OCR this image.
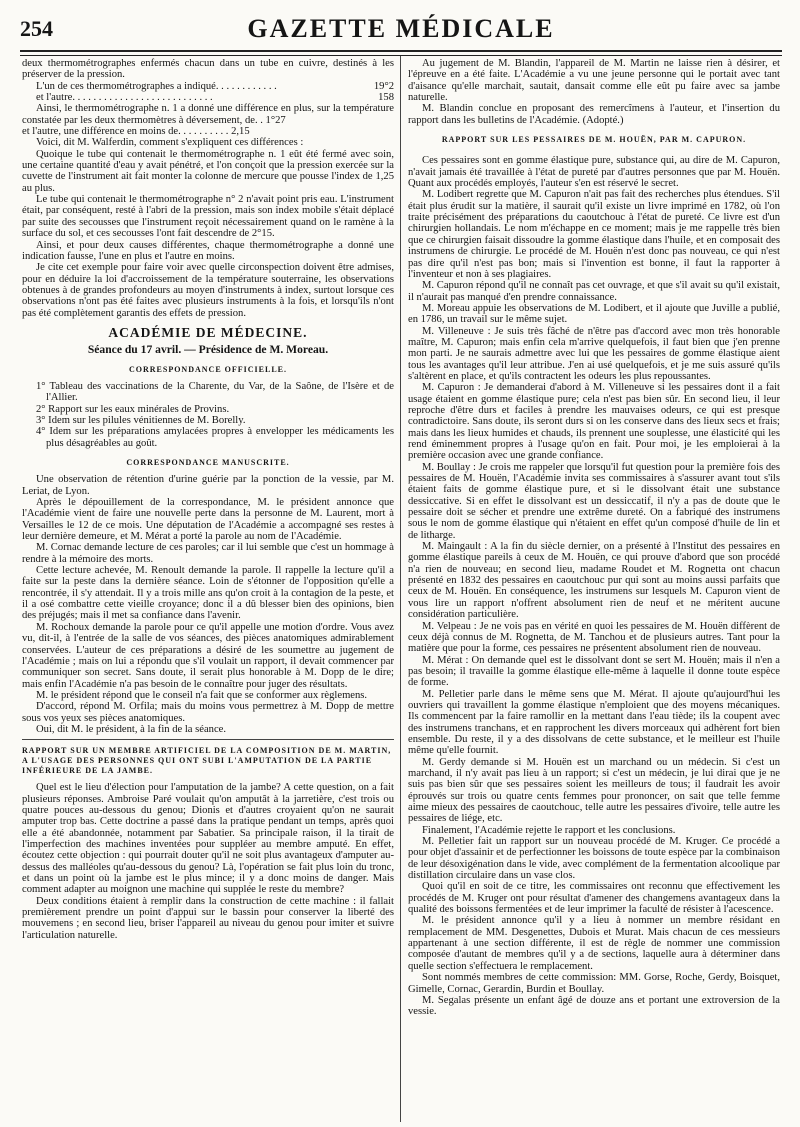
254	GAZETTE MÉDICALE

deux thermométrographes enfermés chacun dans un tube en cuivre, destinés à les préserver de la pression.

L'un de ces thermométrographes a indiqué. . . . . . . . . . . .	19°2
et l'autre. . . . . . . . . . . . . . . . . . . . . . . . . . .	158

Ainsi, le thermométrographe n. 1 a donné une différence en plus, sur la température constatée par les deux thermomètres à déversement, de. . 1°27

et l'autre, une différence en moins de. . . . . . . . . . 2,15

Voici, dit M. Walferdin, comment s'expliquent ces différences :

Quoique le tube qui contenait le thermométrographe n. 1 eût été fermé avec soin, une certaine quantité d'eau y avait pénétré, et l'on conçoit que la pression exercée sur la cuvette de l'instrument ait fait monter la colonne de mercure que pousse l'index de 1,25 au plus.

Le tube qui contenait le thermométrographe n° 2 n'avait point pris eau. L'instrument était, par conséquent, resté à l'abri de la pression, mais son index mobile s'était déplacé par suite des secousses que l'instrument reçoit nécessairement quand on le ramène à la surface du sol, et ces secousses l'ont fait descendre de 2°15.

Ainsi, et pour deux causes différentes, chaque thermométrographe a donné une indication fausse, l'une en plus et l'autre en moins.

Je cite cet exemple pour faire voir avec quelle circonspection doivent être admises, pour en déduire la loi d'accroissement de la température souterraine, les observations obtenues à de grandes profondeurs au moyen d'instruments à index, surtout lorsque ces observations n'ont pas été faites avec plusieurs instruments à la fois, et lorsqu'ils n'ont pas été complètement garantis des effets de pression.

ACADÉMIE DE MÉDECINE.
Séance du 17 avril. — Présidence de M. Moreau.
CORRESPONDANCE OFFICIELLE.

1° Tableau des vaccinations de la Charente, du Var, de la Saône, de l'Isère et de l'Allier.

2° Rapport sur les eaux minérales de Provins.

3° Idem sur les pilules vénitiennes de M. Borelly.

4° Idem sur les préparations amylacées propres à envelopper les médicaments les plus désagréables au goût.

CORRESPONDANCE MANUSCRITE.

Une observation de rétention d'urine guérie par la ponction de la vessie, par M. Leriat, de Lyon.

Après le dépouillement de la correspondance, M. le président annonce que l'Académie vient de faire une nouvelle perte dans la personne de M. Laurent, mort à Versailles le 12 de ce mois. Une députation de l'Académie a accompagné ses restes à leur dernière demeure, et M. Mérat a porté la parole au nom de l'Académie.

M. Cornac demande lecture de ces paroles; car il lui semble que c'est un hommage à rendre à la mémoire des morts.

Cette lecture achevée, M. Renoult demande la parole. Il rappelle la lecture qu'il a faite sur la peste dans la dernière séance. Loin de s'étonner de l'opposition qu'elle a rencontrée, il s'y attendait. Il y a trois mille ans qu'on croit à la contagion de la peste, et il a osé combattre cette vieille croyance; donc il a dû blesser bien des opinions, bien des préjugés; mais il met sa confiance dans l'avenir.

M. Rochoux demande la parole pour ce qu'il appelle une motion d'ordre. Vous avez vu, dit-il, à l'entrée de la salle de vos séances, des pièces anatomiques admirablement conservées. L'auteur de ces préparations a désiré de les soumettre au jugement de l'Académie ; mais on lui a répondu que s'il voulait un rapport, il devait commencer par communiquer son secret. Sans doute, il serait plus honorable à M. Dopp de le dire; mais enfin l'Académie n'a pas besoin de le connaître pour juger des résultats.

M. le président répond que le conseil n'a fait que se conformer aux règlemens.

D'accord, répond M. Orfila; mais du moins vous permettrez à M. Dopp de mettre sous vos yeux ses pièces anatomiques.

Oui, dit M. le président, à la fin de la séance.

RAPPORT SUR UN MEMBRE ARTIFICIEL DE LA COMPOSITION DE M. MARTIN, A L'USAGE DES PERSONNES QUI ONT SUBI L'AMPUTATION DE LA PARTIE INFÉRIEURE DE LA JAMBE.

Quel est le lieu d'élection pour l'amputation de la jambe? A cette question, on a fait plusieurs réponses. Ambroise Paré voulait qu'on amputât à la jarretière, c'est trois ou quatre pouces au-dessous du genou; Dionis et d'autres croyaient qu'on ne saurait amputer trop bas. Cette doctrine a passé dans la pratique pendant un temps, après quoi elle a été abandonnée, notamment par Sabatier. Sa principale raison, il la tirait de l'imperfection des machines inventées pour suppléer au membre amputé. En effet, écoutez cette objection : qui pourrait douter qu'il ne soit plus avantageux d'amputer au-dessus des malléoles qu'au-dessous du genou? Là, l'opération se fait plus loin du tronc, et dans un point où la jambe est le plus mince; il y a donc moins de danger. Mais comment adapter au moignon une machine qui supplée le reste du membre?

Deux conditions étaient à remplir dans la construction de cette machine : il fallait premièrement prendre un point d'appui sur le bassin pour conserver la liberté des mouvemens ; en second lieu, briser l'appareil au niveau du genou pour imiter et suivre l'articulation naturelle.

Au jugement de M. Blandin, l'appareil de M. Martin ne laisse rien à désirer, et l'épreuve en a été faite. L'Académie a vu une jeune personne qui le portait avec tant d'aisance qu'elle marchait, sautait, dansait comme elle eût pu faire avec sa jambe naturelle.

M. Blandin conclue en proposant des remercîmens à l'auteur, et l'insertion du rapport dans les bulletins de l'Académie. (Adopté.)

RAPPORT SUR LES PESSAIRES DE M. HOUËN, PAR M. CAPURON.

Ces pessaires sont en gomme élastique pure, substance qui, au dire de M. Capuron, n'avait jamais été travaillée à l'état de pureté par d'autres personnes que par M. Houën. Quant aux procédés employés, l'auteur s'en est réservé le secret.

M. Lodibert regrette que M. Capuron n'ait pas fait des recherches plus étendues. S'il était plus érudit sur la matière, il saurait qu'il existe un livre imprimé en 1782, où l'on traite précisément des préparations du caoutchouc à l'état de pureté. Ce livre est d'un chirurgien hollandais. Le nom m'échappe en ce moment; mais je me rappelle très bien que ce chirurgien faisait dissoudre la gomme élastique dans l'huile, et en composait des instrumens de chirurgie. Le procédé de M. Houën n'est donc pas nouveau, ce qui n'est pas dire qu'il n'est pas bon; mais si l'invention est bonne, il faut la rapporter à l'inventeur et non à ses plagiaires.

M. Capuron répond qu'il ne connaît pas cet ouvrage, et que s'il avait su qu'il existait, il n'aurait pas manqué d'en prendre connaissance.

M. Moreau appuie les observations de M. Lodibert, et il ajoute que Juville a publié, en 1786, un travail sur le même sujet.

M. Villeneuve : Je suis très fâché de n'être pas d'accord avec mon très honorable maître, M. Capuron; mais enfin cela m'arrive quelquefois, il faut bien que j'en prenne mon parti. Je ne saurais admettre avec lui que les pessaires de gomme élastique aient tous les avantages qu'il leur attribue. J'en ai usé quelquefois, et je me suis assuré qu'ils s'altèrent en place, et qu'ils contractent les odeurs les plus repoussantes.

M. Capuron : Je demanderai d'abord à M. Villeneuve si les pessaires dont il a fait usage étaient en gomme élastique pure; cela n'est pas bien sûr. En second lieu, il leur reproche d'être durs et faciles à prendre les mauvaises odeurs, ce qui est presque contradictoire. Sans doute, ils seront durs si on les conserve dans des lieux secs et frais; mais dans les lieux humides et chauds, ils prennent une souplesse, une élasticité qui les rend éminemment propres à l'usage qu'on en fait. Pour moi, je les emploierai à la première occasion avec une grande confiance.

M. Boullay : Je crois me rappeler que lorsqu'il fut question pour la première fois des pessaires de M. Houën, l'Académie invita ses commissaires à s'assurer avant tout s'ils étaient faits de gomme élastique pure, et si le dissolvant était une substance dessiccative. Si en effet le dissolvant est un dessiccatif, il n'y a pas de doute que le pessaire doit se sécher et prendre une extrême dureté. On a fabriqué des instrumens sous le nom de gomme élastique qui n'étaient en effet qu'un composé d'huile de lin et de litharge.

M. Maingault : A la fin du siècle dernier, on a présenté à l'Institut des pessaires en gomme élastique pareils à ceux de M. Houën, ce qui prouve d'abord que son procédé n'a rien de nouveau; en second lieu, madame Roudet et M. Rognetta ont chacun présenté en 1832 des pessaires en caoutchouc pur qui sont au moins aussi parfaits que ceux de M. Houën. En conséquence, les instrumens sur lesquels M. Capuron vient de vous lire un rapport n'offrent absolument rien de neuf et ne méritent aucune considération particulière.

M. Velpeau : Je ne vois pas en vérité en quoi les pessaires de M. Houën diffèrent de ceux déjà connus de M. Rognetta, de M. Tanchou et de plusieurs autres. Tant pour la matière que pour la forme, ces pessaires ne présentent absolument rien de nouveau.

M. Mérat : On demande quel est le dissolvant dont se sert M. Houën; mais il n'en a pas besoin; il travaille la gomme élastique elle-même à laquelle il donne toute espèce de forme.

M. Pelletier parle dans le même sens que M. Mérat. Il ajoute qu'aujourd'hui les ouvriers qui travaillent la gomme élastique n'emploient que des moyens mécaniques. Ils commencent par la faire ramollir en la mettant dans l'eau tiède; ils la coupent avec des instrumens tranchans, et en rapprochent les divers morceaux qui adhèrent fort bien ensemble. Du reste, il y a des dissolvans de cette substance, et le meilleur est l'huile même qu'elle fournit.

M. Gerdy demande si M. Houën est un marchand ou un médecin. Si c'est un marchand, il n'y avait pas lieu à un rapport; si c'est un médecin, je lui dirai que je ne suis pas bien sûr que ses pessaires soient les meilleurs de tous; il faudrait les avoir éprouvés sur trois ou quatre cents femmes pour prononcer, on sait que telle femme aime mieux des pessaires de caoutchouc, telle autre les pessaires d'ivoire, telle autre les pessaires de liége, etc.

Finalement, l'Académie rejette le rapport et les conclusions.

M. Pelletier fait un rapport sur un nouveau procédé de M. Kruger. Ce procédé a pour objet d'assainir et de perfectionner les boissons de toute espèce par la combinaison de leur désoxigénation dans le vide, avec complément de la fermentation alcoolique par distillation circulaire dans un vase clos.

Quoi qu'il en soit de ce titre, les commissaires ont reconnu que effectivement les procédés de M. Kruger ont pour résultat d'amener des changemens avantageux dans la qualité des boissons fermentées et de leur imprimer la faculté de résister à l'acescence.

M. le président annonce qu'il y a lieu à nommer un membre résidant en remplacement de MM. Desgenettes, Dubois et Murat. Mais chacun de ces messieurs appartenant à une section différente, il est de règle de nommer une commission composée d'autant de membres qu'il y a de sections, laquelle aura à déterminer dans quelle section s'effectuera le remplacement.

Sont nommés membres de cette commission: MM. Gorse, Roche, Gerdy, Boisquet, Gimelle, Cornac, Gerardin, Burdin et Boullay.

M. Segalas présente un enfant âgé de douze ans et portant une extroversion de la vessie.
